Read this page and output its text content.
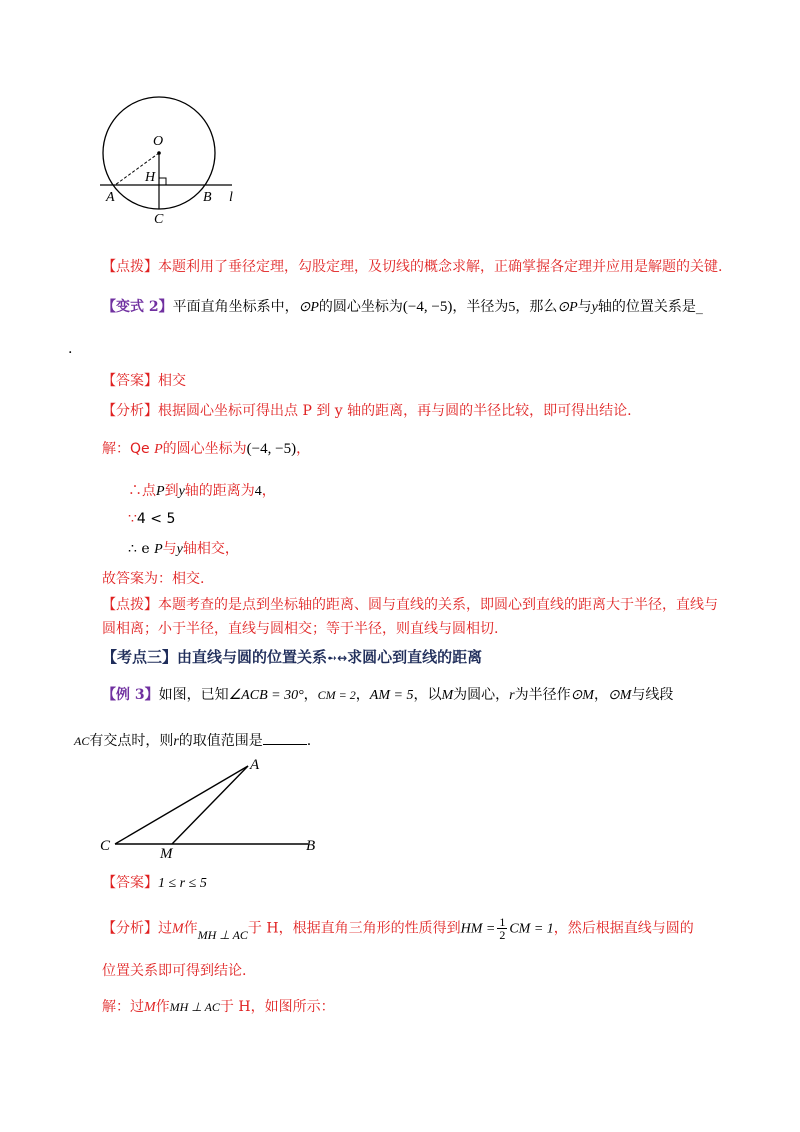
O
H
A	B l
C
【点拨】本题利用了垂径定理，勾股定理，及切线的概念求解，正确掌握各定理并应用是解题的关键.
【变式 2】平面直角坐标系中，⊙P的圆心坐标为(−4, −5)，半径为5，那么⊙P与y轴的位置关系是_
.
【答案】相交
【分析】根据圆心坐标可得出点 P 到 y 轴的距离，再与圆的半径比较，即可得出结论.
解：Qe P的圆心坐标为(−4, −5)，
∴点P到y轴的距离为4，
∵4 < 5
∴ e P与y轴相交，
故答案为：相交.
【点拨】本题考查的是点到坐标轴的距离、圆与直线的关系，即圆心到直线的距离大于半径，直线与
圆相离；小于半径，直线与圆相交；等于半径，则直线与圆相切.
【考点三】由直线与圆的位置关系➻↔求圆心到直线的距离
【例 3】如图，已知∠ACB = 30°，CM = 2，AM = 5，以M为圆心，r为半径作⊙M，⊙M与线段
AC有交点时，则r的取值范围是	.
A
C	M	B
【答案】1 ≤ r ≤ 5
【分析】过M作MH ⊥ AC于 H，根据直角三角形的性质得到HM = $\frac{1}{2}$ CM = 1，然后根据直线与圆的
位置关系即可得到结论.
解：过M作MH ⊥ AC于 H，如图所示：
